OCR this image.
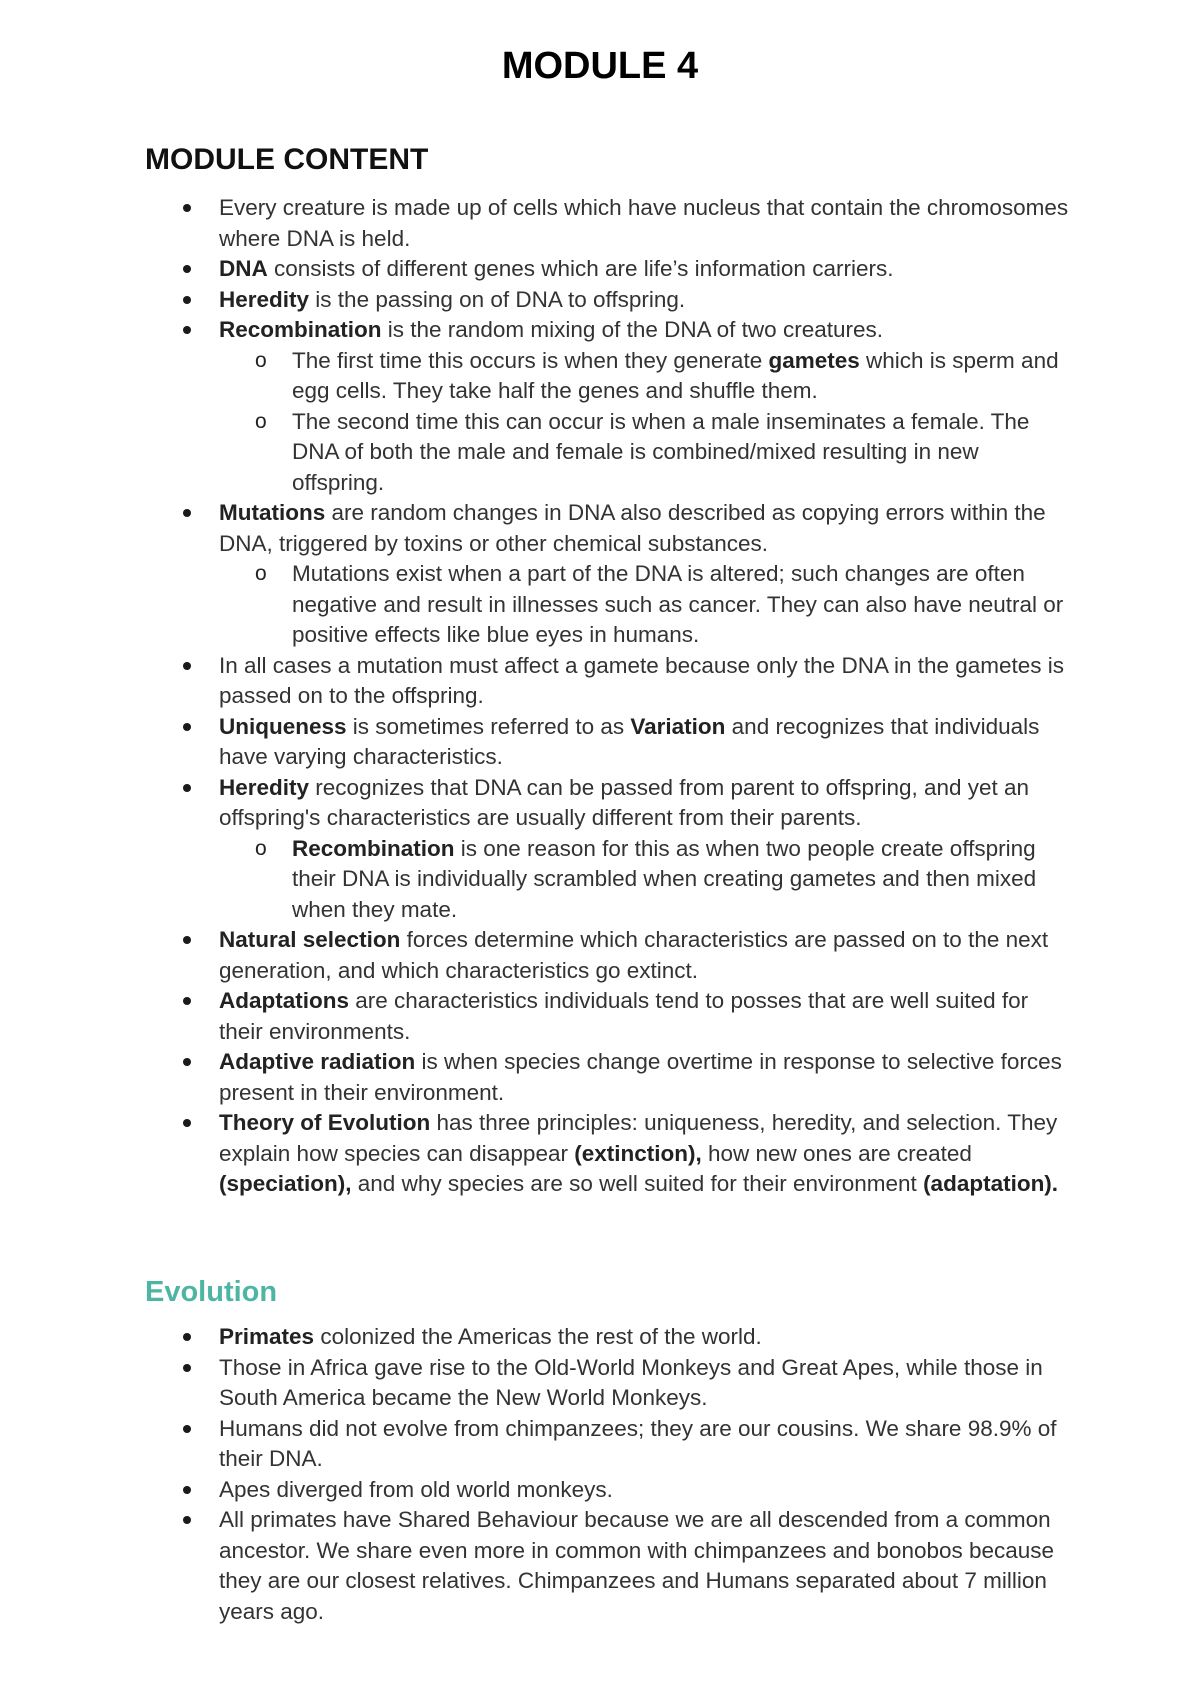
MODULE 4
MODULE CONTENT
Every creature is made up of cells which have nucleus that contain the chromosomes where DNA is held.
DNA consists of different genes which are life’s information carriers.
Heredity is the passing on of DNA to offspring.
Recombination is the random mixing of the DNA of two creatures.
o The first time this occurs is when they generate gametes which is sperm and egg cells. They take half the genes and shuffle them.
o The second time this can occur is when a male inseminates a female. The DNA of both the male and female is combined/mixed resulting in new offspring.
Mutations are random changes in DNA also described as copying errors within the DNA, triggered by toxins or other chemical substances.
o Mutations exist when a part of the DNA is altered; such changes are often negative and result in illnesses such as cancer. They can also have neutral or positive effects like blue eyes in humans.
In all cases a mutation must affect a gamete because only the DNA in the gametes is passed on to the offspring.
Uniqueness is sometimes referred to as Variation and recognizes that individuals have varying characteristics.
Heredity recognizes that DNA can be passed from parent to offspring, and yet an offspring's characteristics are usually different from their parents.
o Recombination is one reason for this as when two people create offspring their DNA is individually scrambled when creating gametes and then mixed when they mate.
Natural selection forces determine which characteristics are passed on to the next generation, and which characteristics go extinct.
Adaptations are characteristics individuals tend to posses that are well suited for their environments.
Adaptive radiation is when species change overtime in response to selective forces present in their environment.
Theory of Evolution has three principles: uniqueness, heredity, and selection. They explain how species can disappear (extinction), how new ones are created (speciation), and why species are so well suited for their environment (adaptation).
Evolution
Primates colonized the Americas the rest of the world.
Those in Africa gave rise to the Old-World Monkeys and Great Apes, while those in South America became the New World Monkeys.
Humans did not evolve from chimpanzees; they are our cousins. We share 98.9% of their DNA.
Apes diverged from old world monkeys.
All primates have Shared Behaviour because we are all descended from a common ancestor. We share even more in common with chimpanzees and bonobos because they are our closest relatives. Chimpanzees and Humans separated about 7 million years ago.
